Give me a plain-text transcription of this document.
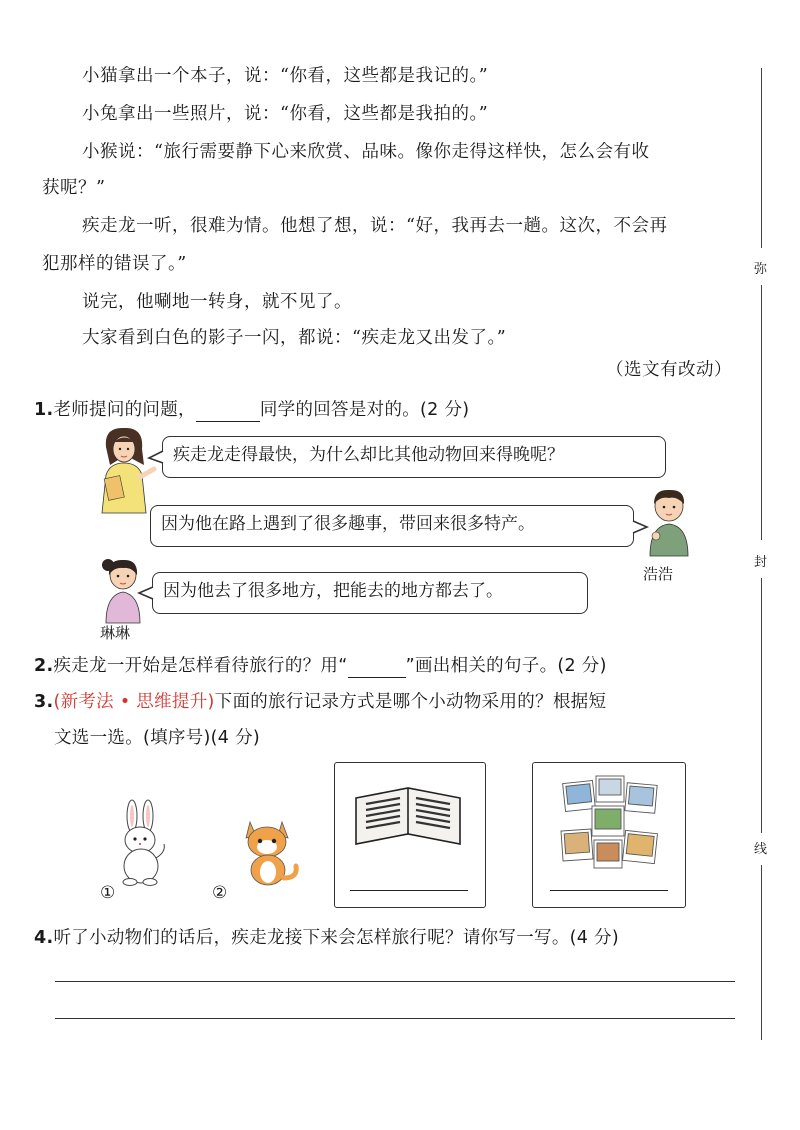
小猫拿出一个本子，说：“你看，这些都是我记的。”
小兔拿出一些照片，说：“你看，这些都是我拍的。”
小猴说：“旅行需要静下心来欣赏、品味。像你走得这样快，怎么会有收
获呢？”
疾走龙一听，很难为情。他想了想，说：“好，我再去一趟。这次，不会再
犯那样的错误了。”
说完，他唰地一转身，就不见了。
大家看到白色的影子一闪，都说：“疾走龙又出发了。”
（选文有改动）
弥
封
线
1.老师提问的问题，	同学的回答是对的。(2 分)
疾走龙走得最快，为什么却比其他动物回来得晚呢？
因为他在路上遇到了很多趣事，带回来很多特产。
浩浩
因为他去了很多地方，把能去的地方都去了。
琳琳
2.疾走龙一开始是怎样看待旅行的？用“	”画出相关的句子。(2 分)
3.(新考法 • 思维提升)下面的旅行记录方式是哪个小动物采用的？根据短
文选一选。(填序号)(4 分)
①	②
4.听了小动物们的话后，疾走龙接下来会怎样旅行呢？请你写一写。(4 分)
